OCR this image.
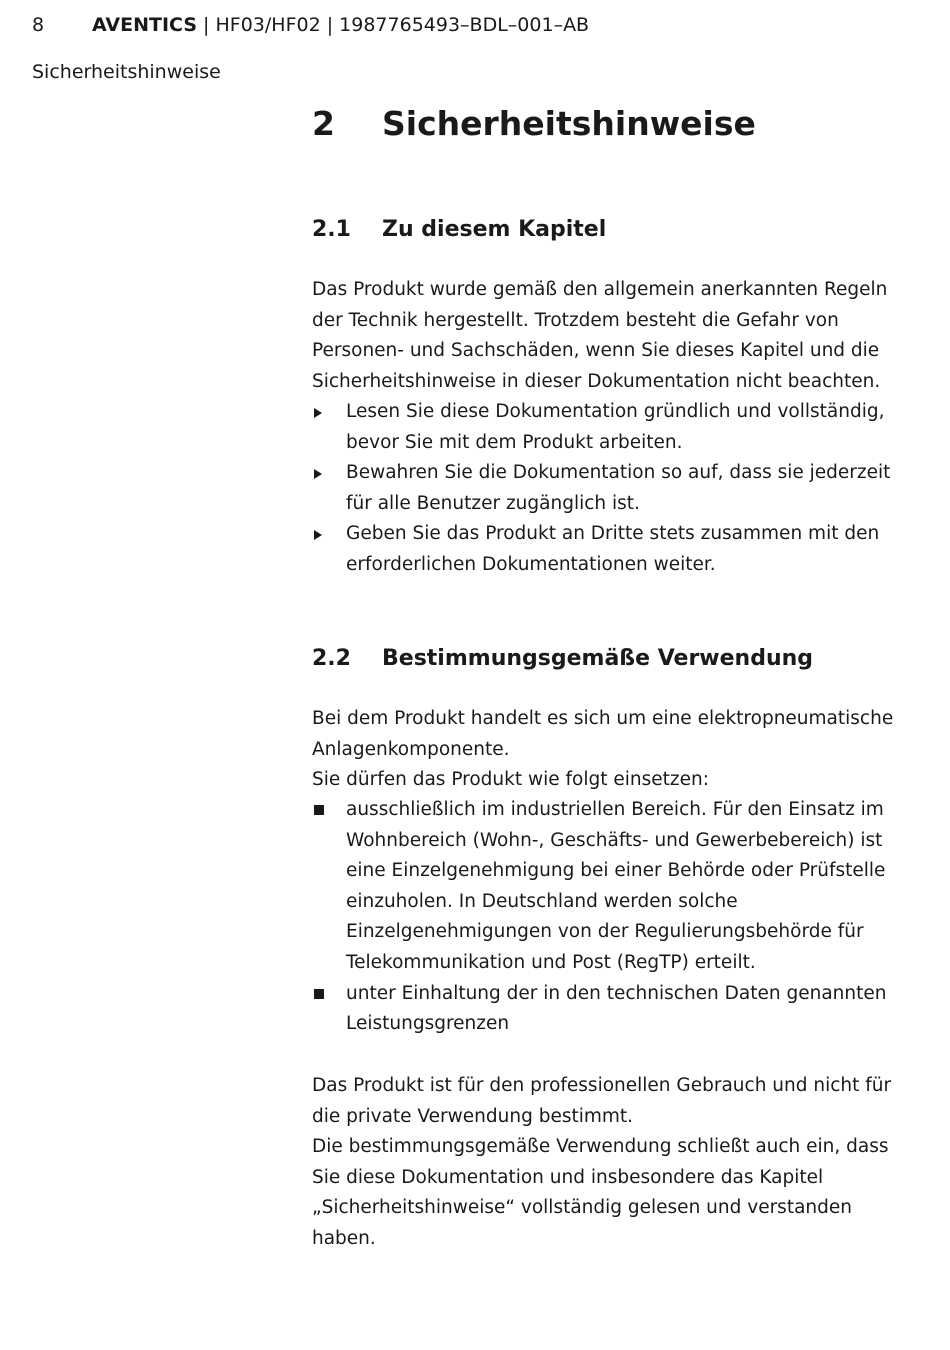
8	AVENTICS | HF03/HF02 | 1987765493–BDL–001–AB
Sicherheitshinweise
2 Sicherheitshinweise
2.1 Zu diesem Kapitel
Das Produkt wurde gemäß den allgemein anerkannten Regeln
der Technik hergestellt. Trotzdem besteht die Gefahr von
Personen- und Sachschäden, wenn Sie dieses Kapitel und die
Sicherheitshinweise in dieser Dokumentation nicht beachten.
Lesen Sie diese Dokumentation gründlich und vollständig,
bevor Sie mit dem Produkt arbeiten.
Bewahren Sie die Dokumentation so auf, dass sie jederzeit
für alle Benutzer zugänglich ist.
Geben Sie das Produkt an Dritte stets zusammen mit den
erforderlichen Dokumentationen weiter.
2.2 Bestimmungsgemäße Verwendung
Bei dem Produkt handelt es sich um eine elektropneumatische
Anlagenkomponente.
Sie dürfen das Produkt wie folgt einsetzen:
ausschließlich im industriellen Bereich. Für den Einsatz im
Wohnbereich (Wohn-, Geschäfts- und Gewerbebereich) ist
eine Einzelgenehmigung bei einer Behörde oder Prüfstelle
einzuholen. In Deutschland werden solche
Einzelgenehmigungen von der Regulierungsbehörde für
Telekommunikation und Post (RegTP) erteilt.
unter Einhaltung der in den technischen Daten genannten
Leistungsgrenzen
Das Produkt ist für den professionellen Gebrauch und nicht für
die private Verwendung bestimmt.
Die bestimmungsgemäße Verwendung schließt auch ein, dass
Sie diese Dokumentation und insbesondere das Kapitel
„Sicherheitshinweise“ vollständig gelesen und verstanden
haben.
